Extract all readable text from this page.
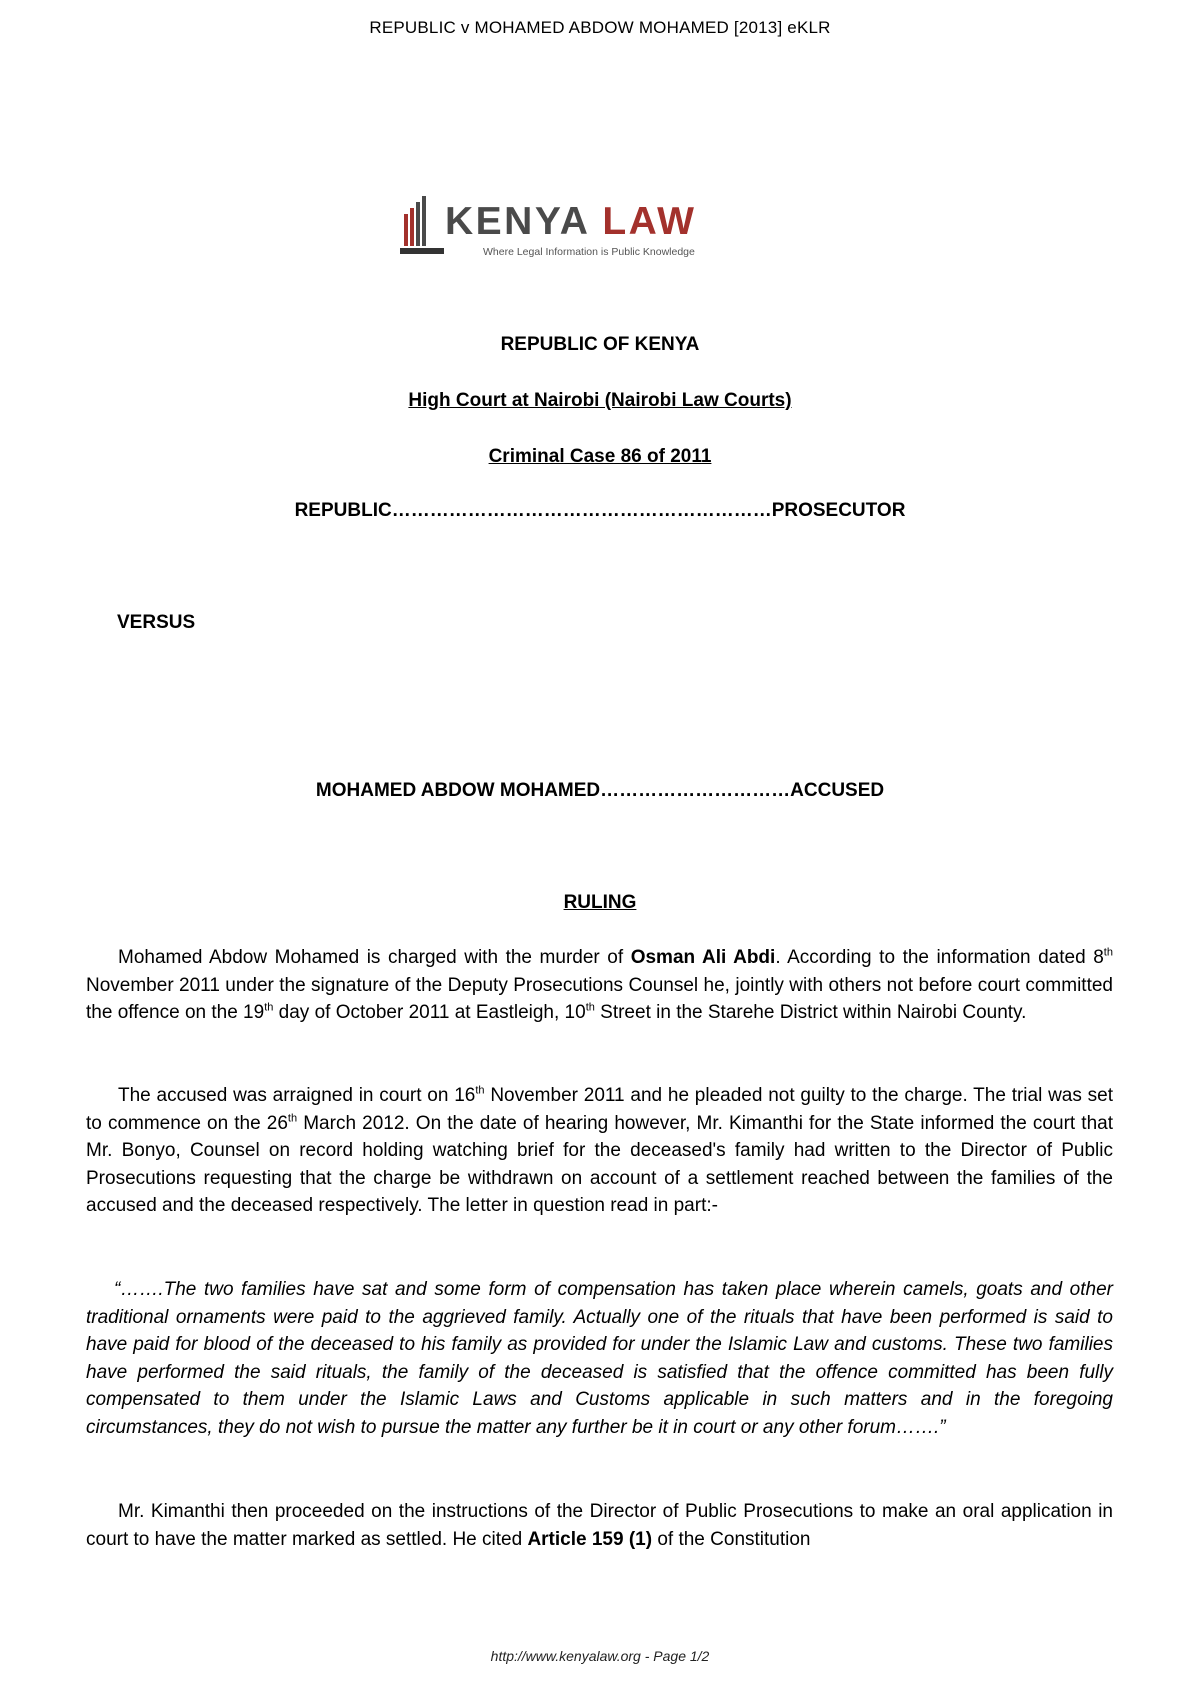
REPUBLIC v MOHAMED ABDOW MOHAMED [2013] eKLR
KENYA LAW
Where Legal Information is Public Knowledge
REPUBLIC OF KENYA
High Court at Nairobi (Nairobi Law Courts)
Criminal Case 86 of 2011
REPUBLIC……………………………………………………PROSECUTOR
VERSUS
MOHAMED ABDOW MOHAMED…………………………ACCUSED
RULING

Mohamed Abdow Mohamed is charged with the murder of Osman Ali Abdi. According to the information dated 8th November 2011 under the signature of the Deputy Prosecutions Counsel he, jointly with others not before court committed the offence on the 19th day of October 2011 at Eastleigh, 10th Street in the Starehe District within Nairobi County.

The accused was arraigned in court on 16th November 2011 and he pleaded not guilty to the charge. The trial was set to commence on the 26th March 2012. On the date of hearing however, Mr. Kimanthi for the State informed the court that Mr. Bonyo, Counsel on record holding watching brief for the deceased's family had written to the Director of Public Prosecutions requesting that the charge be withdrawn on account of a settlement reached between the families of the accused and the deceased respectively. The letter in question read in part:-

“…….The two families have sat and some form of compensation has taken place wherein camels, goats and other traditional ornaments were paid to the aggrieved family. Actually one of the rituals that have been performed is said to have paid for blood of the deceased to his family as provided for under the Islamic Law and customs. These two families have performed the said rituals, the family of the deceased is satisfied that the offence committed has been fully compensated to them under the Islamic Laws and Customs applicable in such matters and in the foregoing circumstances, they do not wish to pursue the matter any further be it in court or any other forum…….”

Mr. Kimanthi then proceeded on the instructions of the Director of Public Prosecutions to make an oral application in court to have the matter marked as settled. He cited Article 159 (1) of the Constitution

http://www.kenyalaw.org - Page 1/2
